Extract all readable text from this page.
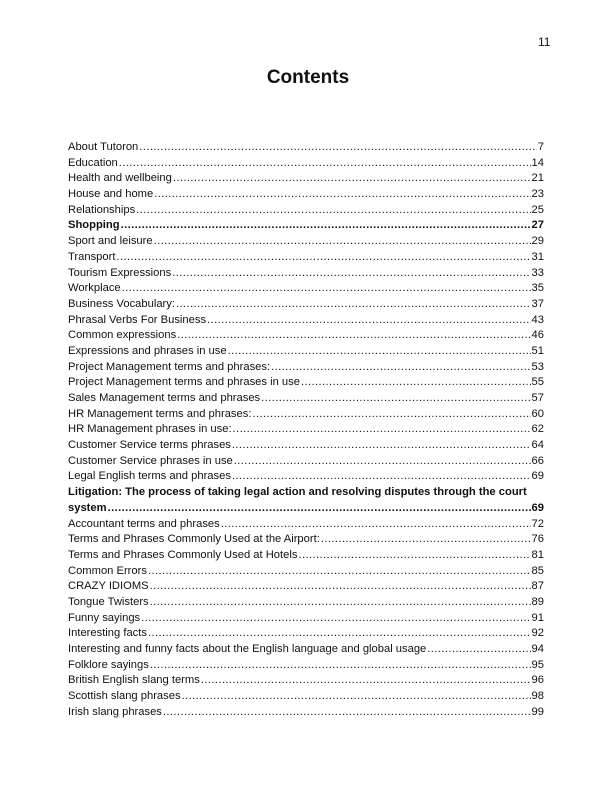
11
Contents
About Tutoron .....	7
Education .....	14
Health and wellbeing .....	21
House and home .....	23
Relationships .....	25
Shopping .....	27
Sport and leisure .....	29
Transport .....	31
Tourism Expressions .....	33
Workplace .....	35
Business Vocabulary: .....	37
Phrasal Verbs For Business .....	43
Common expressions .....	46
Expressions and phrases in use .....	51
Project Management terms and phrases: .....	53
Project Management terms and phrases in use .....	55
Sales Management terms and phrases .....	57
HR Management terms and phrases: .....	60
HR Management phrases in use: .....	62
Customer Service terms phrases .....	64
Customer Service phrases in use .....	66
Legal English terms and phrases .....	69
Litigation: The process of taking legal action and resolving disputes through the court
system .....	69
Accountant terms and phrases .....	72
Terms and Phrases Commonly Used at the Airport: .....	76
Terms and Phrases Commonly Used at Hotels .....	81
Common Errors .....	85
CRAZY IDIOMS .....	87
Tongue Twisters .....	89
Funny sayings .....	91
Interesting facts .....	92
Interesting and funny facts about the English language and global usage .....	94
Folklore sayings .....	95
British English slang terms .....	96
Scottish slang phrases .....	98
Irish slang phrases .....	99
